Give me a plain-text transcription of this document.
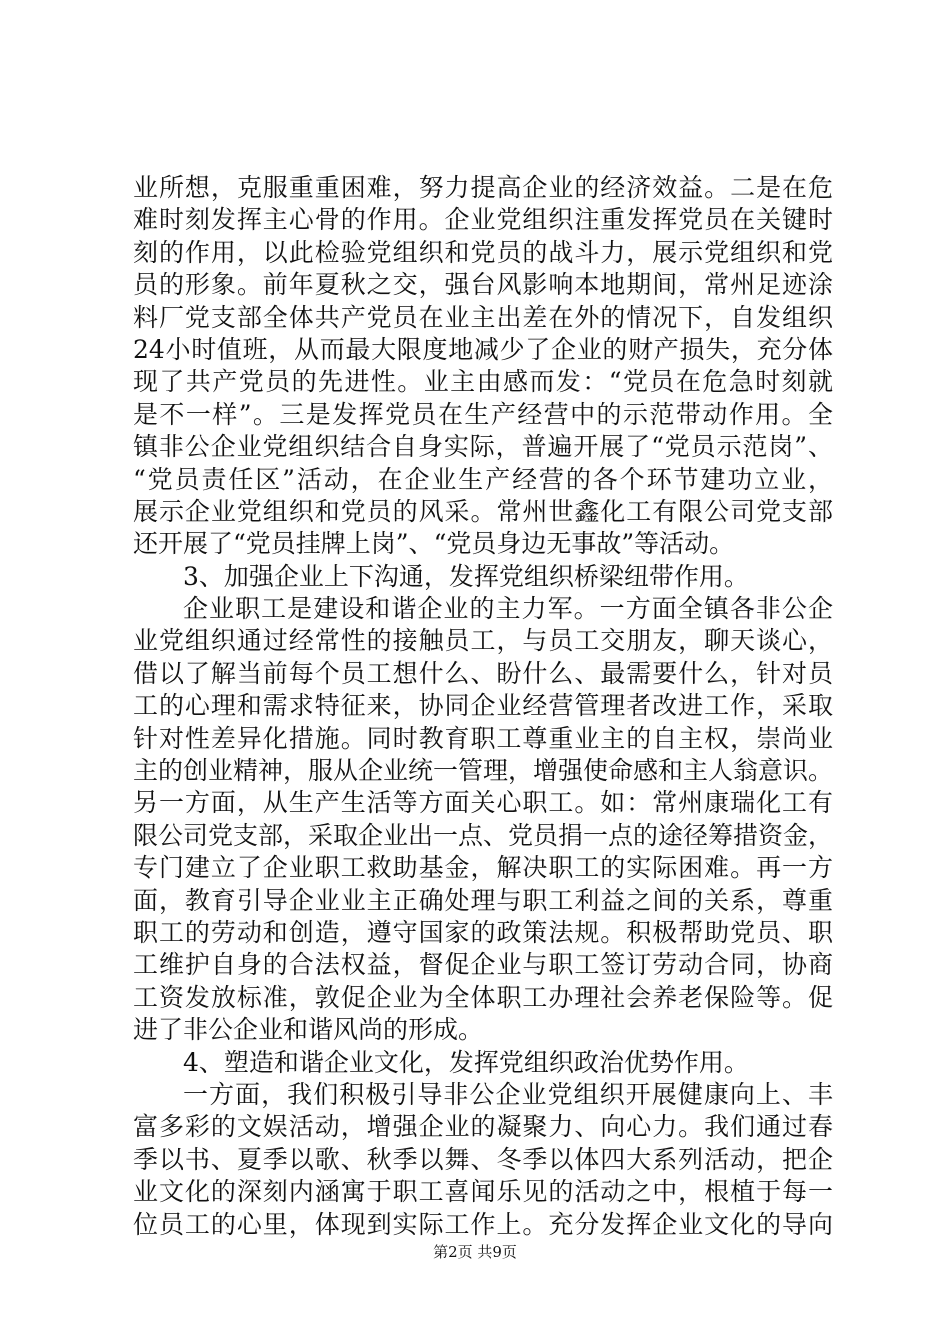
业所想，克服重重困难，努力提高企业的经济效益。二是在危
难时刻发挥主心骨的作用。企业党组织注重发挥党员在关键时
刻的作用，以此检验党组织和党员的战斗力，展示党组织和党
员的形象。前年夏秋之交，强台风影响本地期间，常州足迹涂
料厂党支部全体共产党员在业主出差在外的情况下，自发组织
24小时值班，从而最大限度地减少了企业的财产损失，充分体
现了共产党员的先进性。业主由感而发：“党员在危急时刻就
是不一样”。三是发挥党员在生产经营中的示范带动作用。全
镇非公企业党组织结合自身实际，普遍开展了“党员示范岗”、
“党员责任区”活动，在企业生产经营的各个环节建功立业，
展示企业党组织和党员的风采。常州世鑫化工有限公司党支部
还开展了“党员挂牌上岗”、“党员身边无事故”等活动。
3、加强企业上下沟通，发挥党组织桥梁纽带作用。
企业职工是建设和谐企业的主力军。一方面全镇各非公企
业党组织通过经常性的接触员工，与员工交朋友，聊天谈心，
借以了解当前每个员工想什么、盼什么、最需要什么，针对员
工的心理和需求特征来，协同企业经营管理者改进工作，采取
针对性差异化措施。同时教育职工尊重业主的自主权，崇尚业
主的创业精神，服从企业统一管理，增强使命感和主人翁意识。
另一方面，从生产生活等方面关心职工。如：常州康瑞化工有
限公司党支部，采取企业出一点、党员捐一点的途径筹措资金，
专门建立了企业职工救助基金，解决职工的实际困难。再一方
面，教育引导企业业主正确处理与职工利益之间的关系，尊重
职工的劳动和创造，遵守国家的政策法规。积极帮助党员、职
工维护自身的合法权益，督促企业与职工签订劳动合同，协商
工资发放标准，敦促企业为全体职工办理社会养老保险等。促
进了非公企业和谐风尚的形成。
4、塑造和谐企业文化，发挥党组织政治优势作用。
一方面，我们积极引导非公企业党组织开展健康向上、丰
富多彩的文娱活动，增强企业的凝聚力、向心力。我们通过春
季以书、夏季以歌、秋季以舞、冬季以体四大系列活动，把企
业文化的深刻内涵寓于职工喜闻乐见的活动之中，根植于每一
位员工的心里，体现到实际工作上。充分发挥企业文化的导向
第2页 共9页
